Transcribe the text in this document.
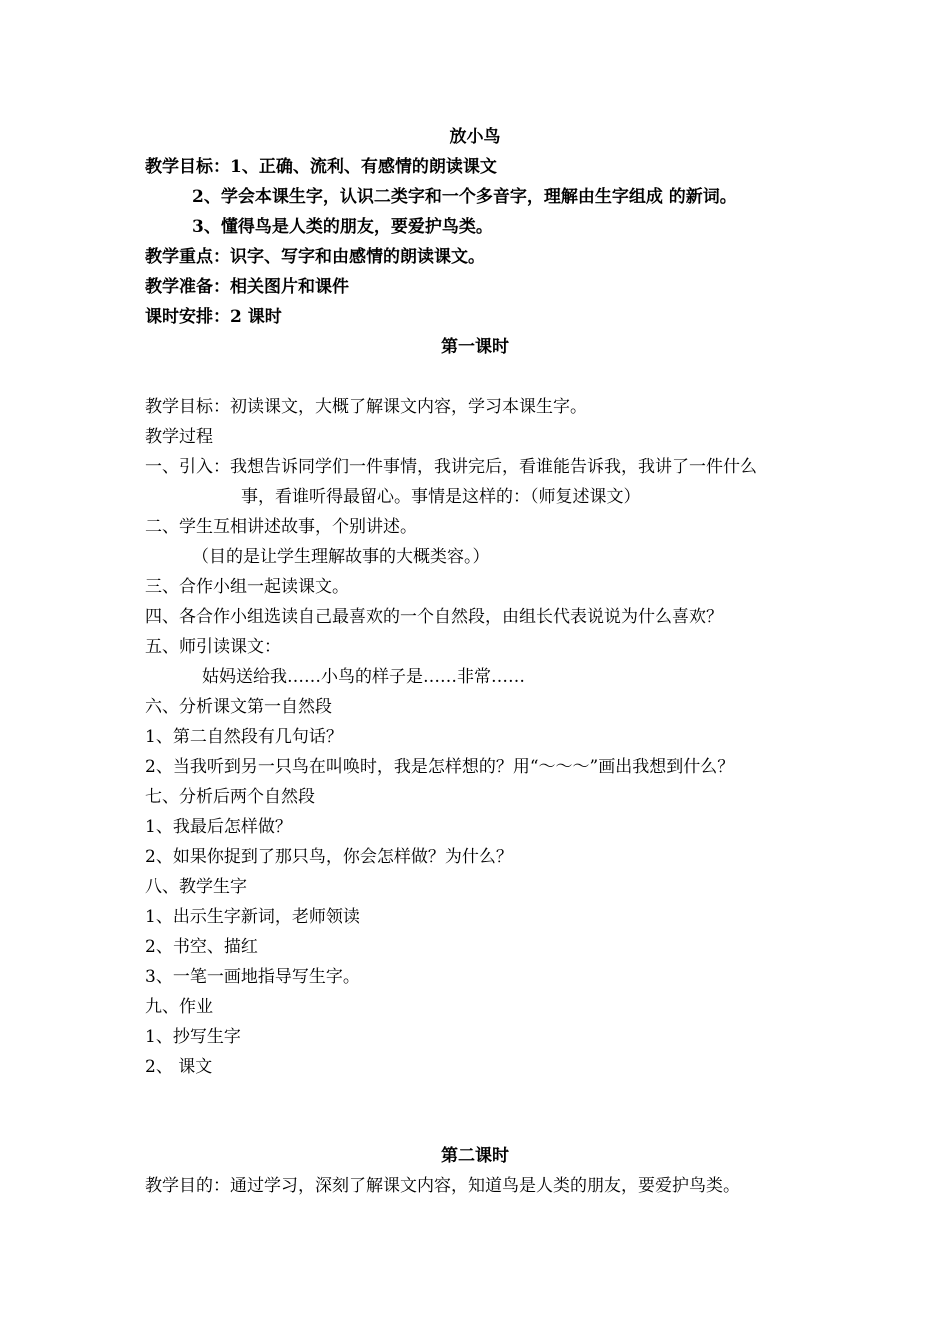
放小鸟
教学目标：1、正确、流利、有感情的朗读课文
2、学会本课生字，认识二类字和一个多音字，理解由生字组成 的新词。
3、懂得鸟是人类的朋友，要爱护鸟类。
教学重点：识字、写字和由感情的朗读课文。
教学准备：相关图片和课件
课时安排：2 课时
第一课时
教学目标：初读课文，大概了解课文内容，学习本课生字。
教学过程
一、引入：我想告诉同学们一件事情，我讲完后，看谁能告诉我，我讲了一件什么
事，看谁听得最留心。事情是这样的：（师复述课文）
二、学生互相讲述故事，个别讲述。
（目的是让学生理解故事的大概类容。）
三、合作小组一起读课文。
四、各合作小组选读自己最喜欢的一个自然段，由组长代表说说为什么喜欢？
五、师引读课文：
姑妈送给我……小鸟的样子是……非常……
六、分析课文第一自然段
1、第二自然段有几句话？
2、当我听到另一只鸟在叫唤时，我是怎样想的？用“～～～”画出我想到什么？
七、分析后两个自然段
1、我最后怎样做？
2、如果你捉到了那只鸟，你会怎样做？为什么？
八、教学生字
1、出示生字新词，老师领读
2、书空、描红
3、一笔一画地指导写生字。
九、作业
1、抄写生字
2、 课文
第二课时
教学目的：通过学习，深刻了解课文内容，知道鸟是人类的朋友，要爱护鸟类。
